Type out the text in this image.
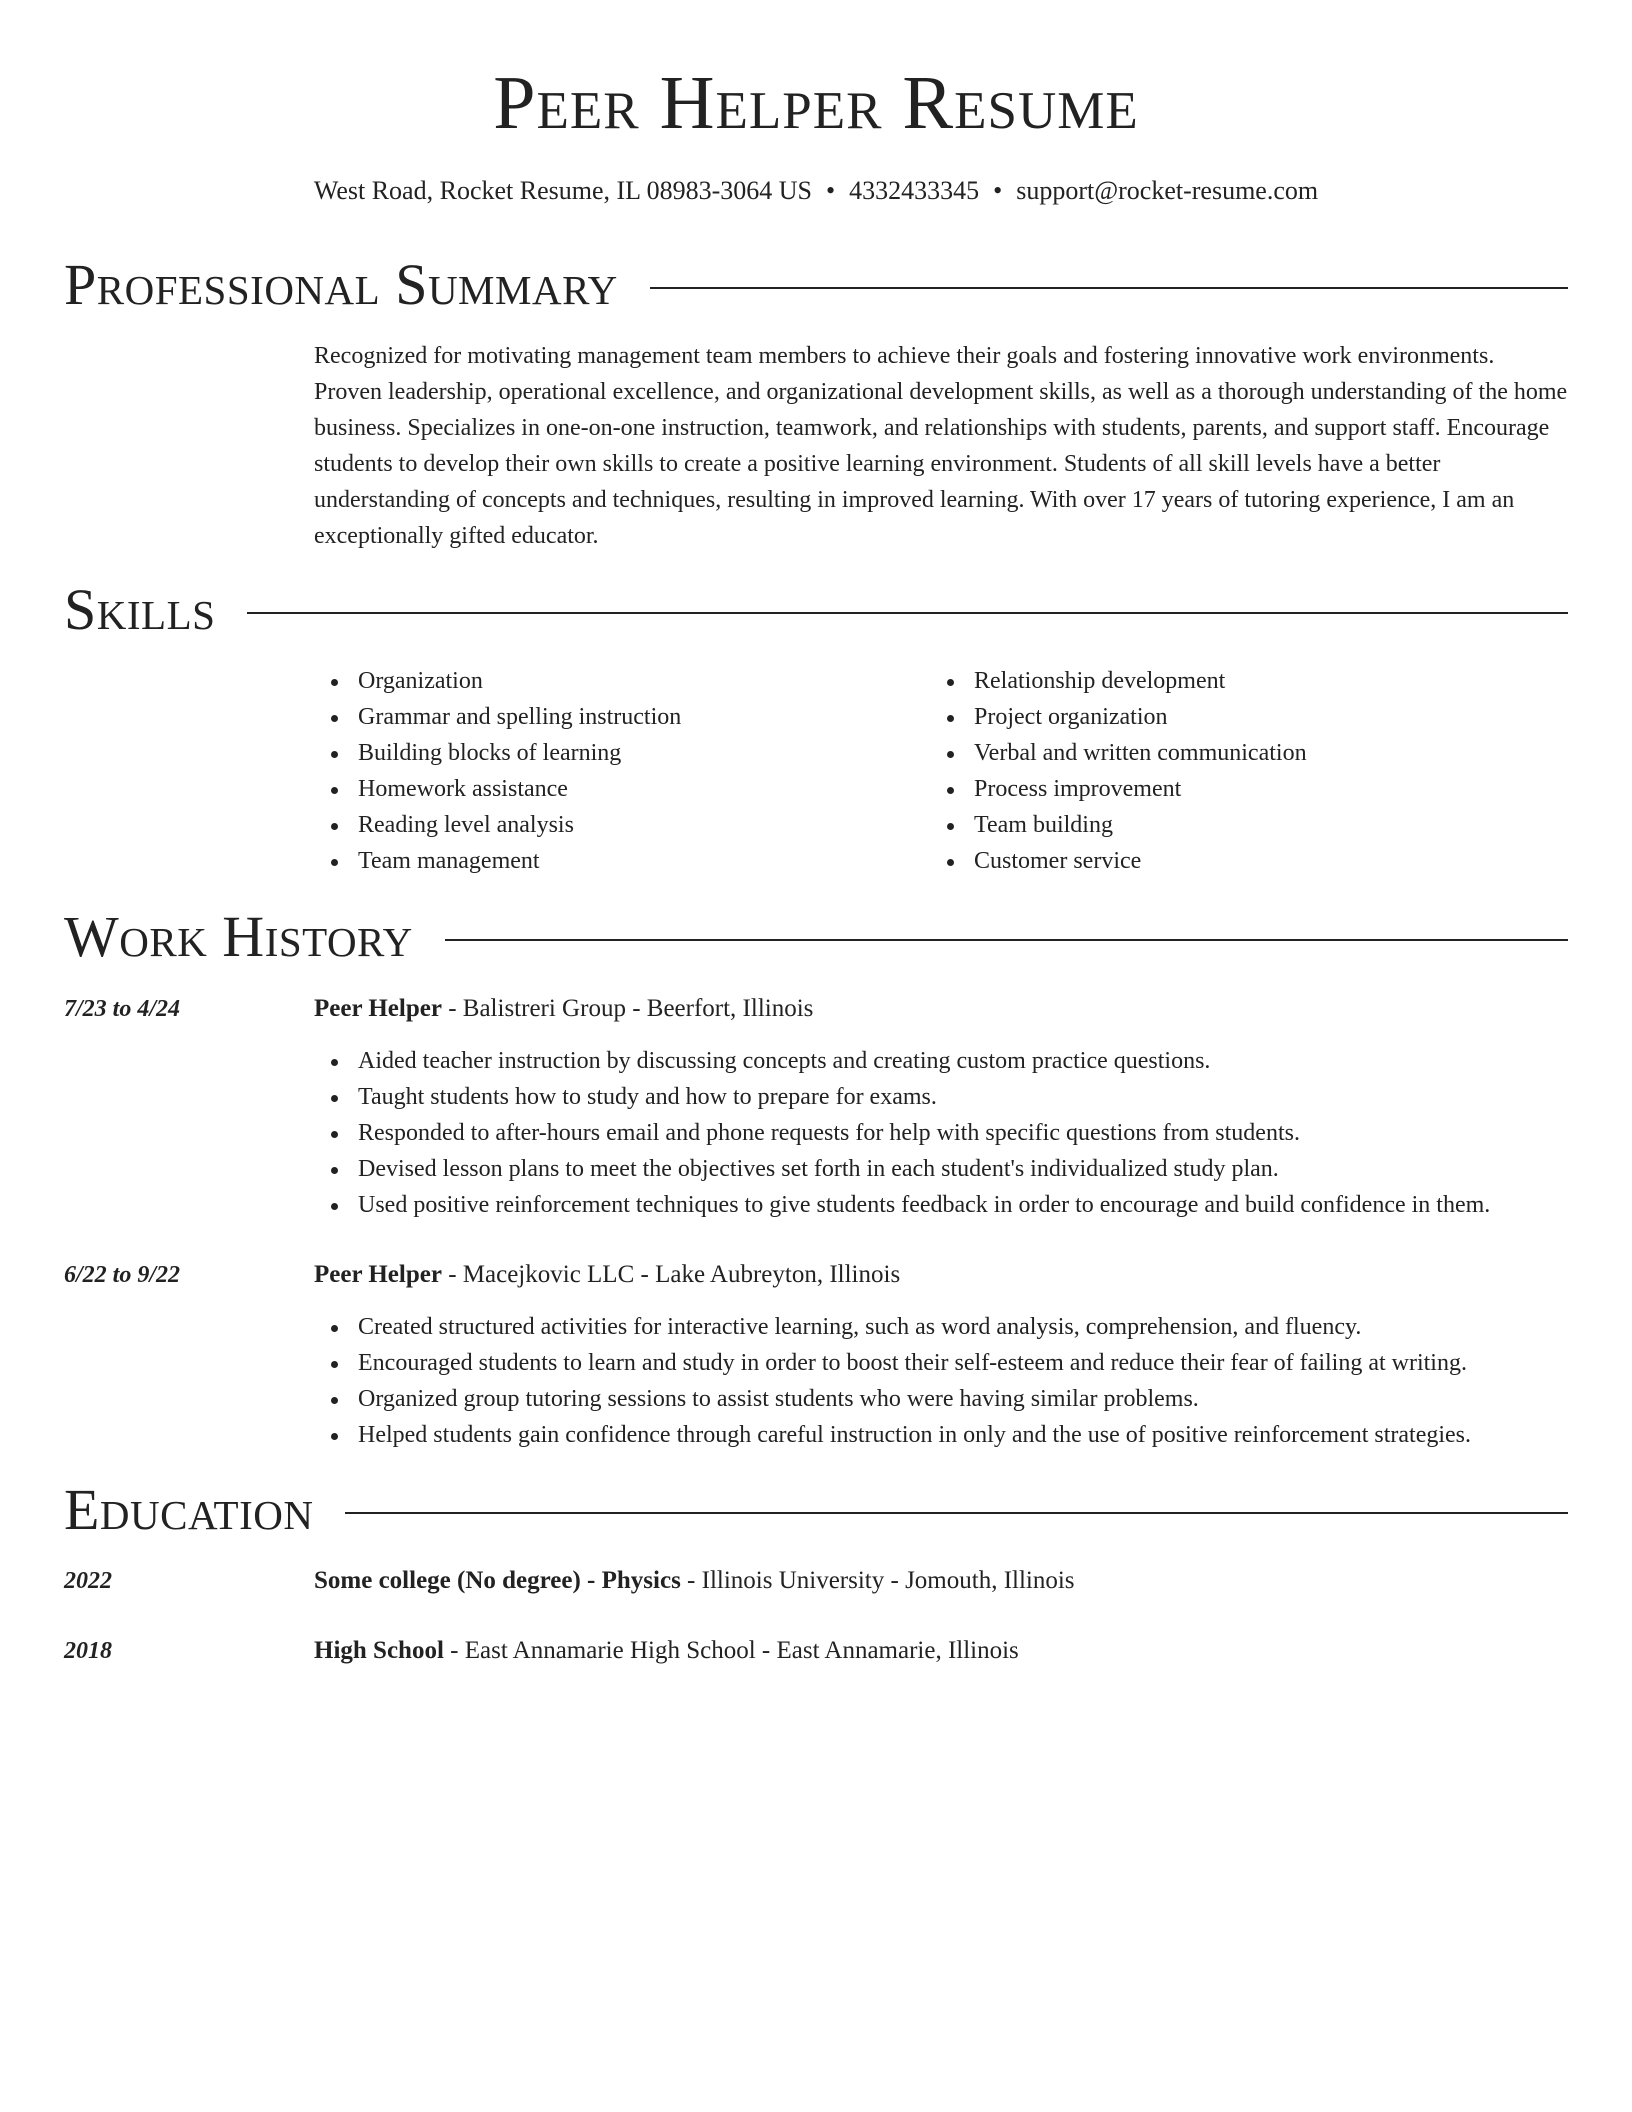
Peer Helper Resume
West Road, Rocket Resume, IL 08983-3064 US • 4332433345 • support@rocket-resume.com
Professional Summary

Recognized for motivating management team members to achieve their goals and fostering innovative work environments. Proven leadership, operational excellence, and organizational development skills, as well as a thorough understanding of the home business. Specializes in one-on-one instruction, teamwork, and relationships with students, parents, and support staff. Encourage students to develop their own skills to create a positive learning environment. Students of all skill levels have a better understanding of concepts and techniques, resulting in improved learning. With over 17 years of tutoring experience, I am an exceptionally gifted educator.

Skills
Organization
Grammar and spelling instruction
Building blocks of learning
Homework assistance
Reading level analysis
Team management
Relationship development
Project organization
Verbal and written communication
Process improvement
Team building
Customer service
Work History
7/23 to 4/24	Peer Helper - Balistreri Group - Beerfort, Illinois
Aided teacher instruction by discussing concepts and creating custom practice questions.
Taught students how to study and how to prepare for exams.
Responded to after-hours email and phone requests for help with specific questions from students.
Devised lesson plans to meet the objectives set forth in each student's individualized study plan.
Used positive reinforcement techniques to give students feedback in order to encourage and build confidence in them.
6/22 to 9/22	Peer Helper - Macejkovic LLC - Lake Aubreyton, Illinois
Created structured activities for interactive learning, such as word analysis, comprehension, and fluency.
Encouraged students to learn and study in order to boost their self-esteem and reduce their fear of failing at writing.
Organized group tutoring sessions to assist students who were having similar problems.
Helped students gain confidence through careful instruction in only and the use of positive reinforcement strategies.
Education
2022	Some college (No degree) - Physics - Illinois University - Jomouth, Illinois
2018	High School - East Annamarie High School - East Annamarie, Illinois
